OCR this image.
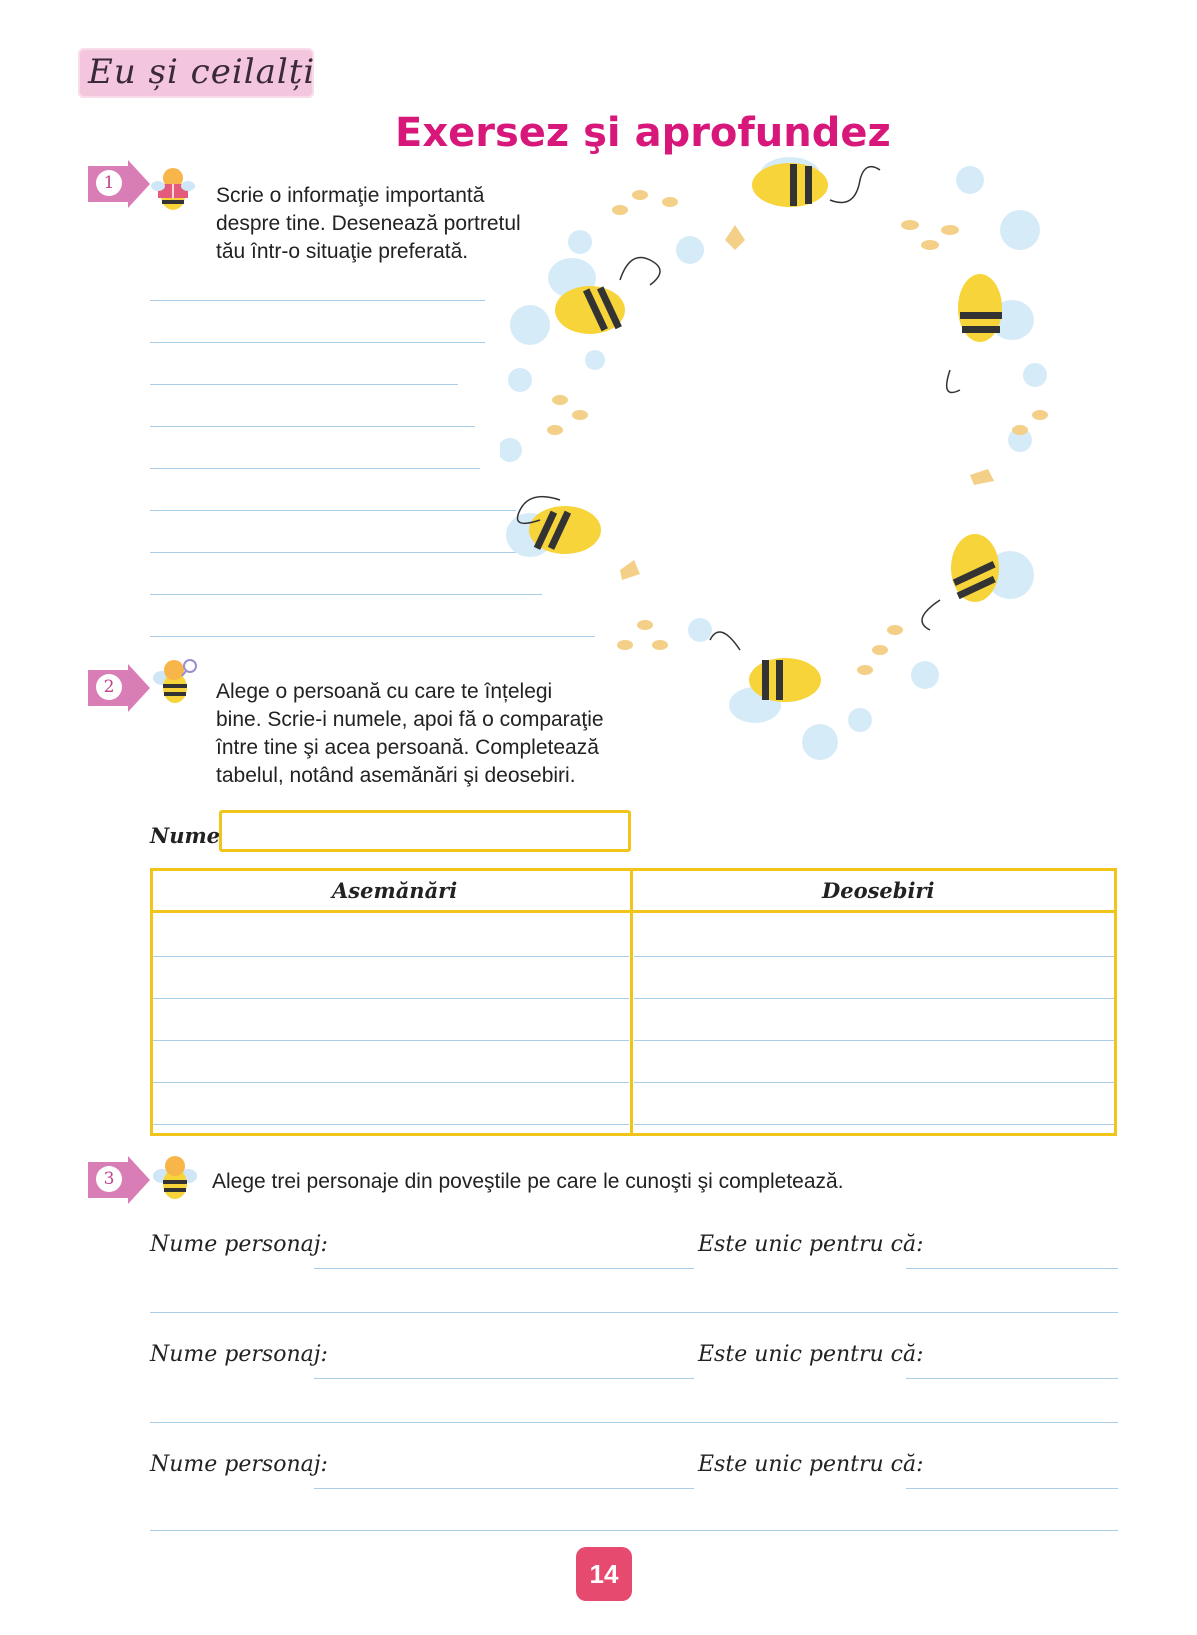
Eu și ceilalți
Exersez şi aprofundez
1
Scrie o informaţie importantă
despre tine. Desenează portretul
tău într-o situaţie preferată.
2	Alege o persoană cu care te înțelegi
bine. Scrie-i numele, apoi fă o comparaţie
între tine şi acea persoană. Completează
tabelul, notând asemănări şi deosebiri.
Nume
Asemănări	Deosebiri
3	Alege trei personaje din poveştile pe care le cunoşti şi completează.
Nume personaj:	Este unic pentru că:
Nume personaj:	Este unic pentru că:
Nume personaj:	Este unic pentru că:
14
